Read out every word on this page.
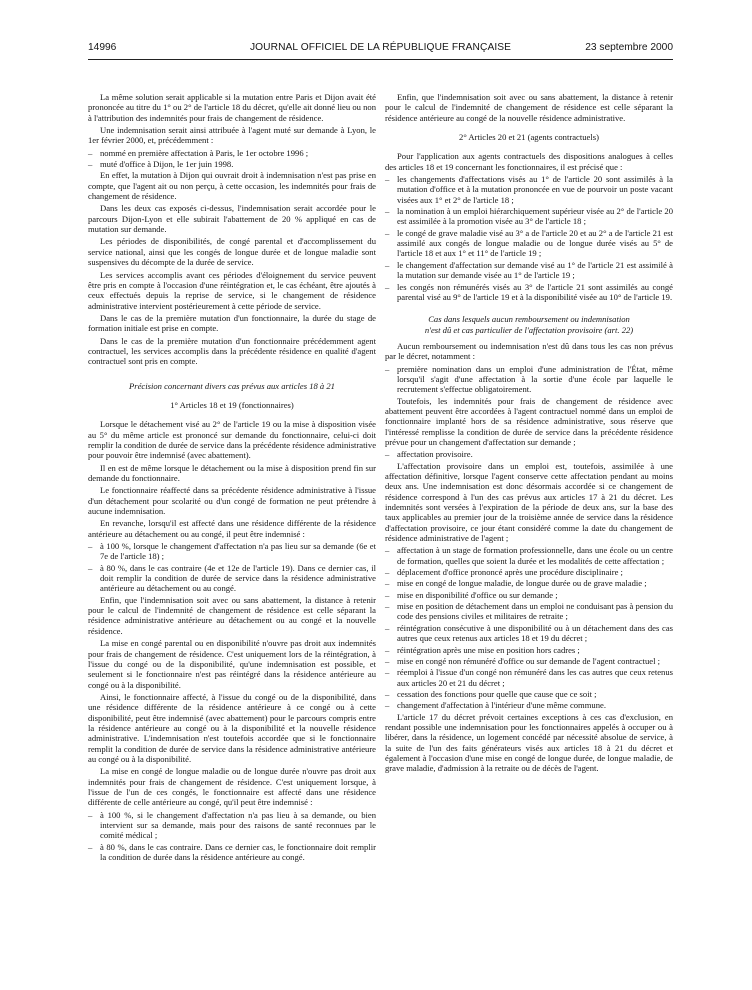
14996	JOURNAL OFFICIEL DE LA RÉPUBLIQUE FRANÇAISE	23 septembre 2000

La même solution serait applicable si la mutation entre Paris et Dijon avait été prononcée au titre du 1° ou 2° de l'article 18 du décret, qu'elle ait donné lieu ou non à l'attribution des indemnités pour frais de changement de résidence.

Une indemnisation serait ainsi attribuée à l'agent muté sur demande à Lyon, le 1er février 2000, et, précédemment :

– nommé en première affectation à Paris, le 1er octobre 1996 ;

– muté d'office à Dijon, le 1er juin 1998.

En effet, la mutation à Dijon qui ouvrait droit à indemnisation n'est pas prise en compte, que l'agent ait ou non perçu, à cette occasion, les indemnités pour frais de changement de résidence.

Dans les deux cas exposés ci-dessus, l'indemnisation serait accordée pour le parcours Dijon-Lyon et elle subirait l'abattement de 20 % appliqué en cas de mutation sur demande.

Les périodes de disponibilités, de congé parental et d'accomplissement du service national, ainsi que les congés de longue durée et de longue maladie sont suspensives du décompte de la durée de service.

Les services accomplis avant ces périodes d'éloignement du service peuvent être pris en compte à l'occasion d'une réintégration et, le cas échéant, être ajoutés à ceux effectués depuis la reprise de service, si le changement de résidence administrative intervient postérieurement à cette période de service.

Dans le cas de la première mutation d'un fonctionnaire, la durée du stage de formation initiale est prise en compte.

Dans le cas de la première mutation d'un fonctionnaire précédemment agent contractuel, les services accomplis dans la précédente résidence en qualité d'agent contractuel sont pris en compte.

Précision concernant divers cas prévus aux articles 18 à 21

1° Articles 18 et 19 (fonctionnaires)

Lorsque le détachement visé au 2° de l'article 19 ou la mise à disposition visée au 5° du même article est prononcé sur demande du fonctionnaire, celui-ci doit remplir la condition de durée de service dans la précédente résidence administrative pour pouvoir être indemnisé (avec abattement).

Il en est de même lorsque le détachement ou la mise à disposition prend fin sur demande du fonctionnaire.

Le fonctionnaire réaffecté dans sa précédente résidence administrative à l'issue d'un détachement pour scolarité ou d'un congé de formation ne peut prétendre à aucune indemnisation.

En revanche, lorsqu'il est affecté dans une résidence différente de la résidence antérieure au détachement ou au congé, il peut être indemnisé :

– à 100 %, lorsque le changement d'affectation n'a pas lieu sur sa demande (6e et 7e de l'article 18) ;

– à 80 %, dans le cas contraire (4e et 12e de l'article 19). Dans ce dernier cas, il doit remplir la condition de durée de service dans la résidence administrative antérieure au détachement ou au congé.

Enfin, que l'indemnisation soit avec ou sans abattement, la distance à retenir pour le calcul de l'indemnité de changement de résidence est celle séparant la résidence administrative antérieure au détachement ou au congé et la nouvelle résidence.

La mise en congé parental ou en disponibilité n'ouvre pas droit aux indemnités pour frais de changement de résidence. C'est uniquement lors de la réintégration, à l'issue du congé ou de la disponibilité, qu'une indemnisation est possible, et seulement si le fonctionnaire n'est pas réintégré dans la résidence antérieure au congé ou à la disponibilité.

Ainsi, le fonctionnaire affecté, à l'issue du congé ou de la disponibilité, dans une résidence différente de la résidence antérieure à ce congé ou à cette disponibilité, peut être indemnisé (avec abattement) pour le parcours compris entre la résidence antérieure au congé ou à la disponibilité et la nouvelle résidence administrative. L'indemnisation n'est toutefois accordée que si le fonctionnaire remplit la condition de durée de service dans la résidence administrative antérieure au congé ou à la disponibilité.

La mise en congé de longue maladie ou de longue durée n'ouvre pas droit aux indemnités pour frais de changement de résidence. C'est uniquement lorsque, à l'issue de l'un de ces congés, le fonctionnaire est affecté dans une résidence différente de celle antérieure au congé, qu'il peut être indemnisé :

– à 100 %, si le changement d'affectation n'a pas lieu à sa demande, ou bien intervient sur sa demande, mais pour des raisons de santé reconnues par le comité médical ;

– à 80 %, dans le cas contraire. Dans ce dernier cas, le fonctionnaire doit remplir la condition de durée dans la résidence antérieure au congé.

Enfin, que l'indemnisation soit avec ou sans abattement, la distance à retenir pour le calcul de l'indemnité de changement de résidence est celle séparant la résidence antérieure au congé de la nouvelle résidence administrative.

2° Articles 20 et 21 (agents contractuels)

Pour l'application aux agents contractuels des dispositions analogues à celles des articles 18 et 19 concernant les fonctionnaires, il est précisé que :

– les changements d'affectations visés au 1° de l'article 20 sont assimilés à la mutation d'office et à la mutation prononcée en vue de pourvoir un poste vacant visées aux 1° et 2° de l'article 18 ;

– la nomination à un emploi hiérarchiquement supérieur visée au 2° de l'article 20 est assimilée à la promotion visée au 3° de l'article 18 ;

– le congé de grave maladie visé au 3° a de l'article 20 et au 2° a de l'article 21 est assimilé aux congés de longue maladie ou de longue durée visés au 5° de l'article 18 et aux 1° et 11° de l'article 19 ;

– le changement d'affectation sur demande visé au 1° de l'article 21 est assimilé à la mutation sur demande visée au 1° de l'article 19 ;

– les congés non rémunérés visés au 3° de l'article 21 sont assimilés au congé parental visé au 9° de l'article 19 et à la disponibilité visée au 10° de l'article 19.

Cas dans lesquels aucun remboursement ou indemnisation
n'est dû et cas particulier de l'affectation provisoire (art. 22)

Aucun remboursement ou indemnisation n'est dû dans tous les cas non prévus par le décret, notamment :

– première nomination dans un emploi d'une administration de l'État, même lorsqu'il s'agit d'une affectation à la sortie d'une école par laquelle le recrutement s'effectue obligatoirement.

Toutefois, les indemnités pour frais de changement de résidence avec abattement peuvent être accordées à l'agent contractuel nommé dans un emploi de fonctionnaire implanté hors de sa résidence administrative, sous réserve que l'intéressé remplisse la condition de durée de service dans la précédente résidence prévue pour un changement d'affectation sur demande ;

– affectation provisoire.

L'affectation provisoire dans un emploi est, toutefois, assimilée à une affectation définitive, lorsque l'agent conserve cette affectation pendant au moins deux ans. Une indemnisation est donc désormais accordée si ce changement de résidence correspond à l'un des cas prévus aux articles 17 à 21 du décret. Les indemnités sont versées à l'expiration de la période de deux ans, sur la base des taux applicables au premier jour de la troisième année de service dans la résidence d'affectation provisoire, ce jour étant considéré comme la date du changement de résidence administrative de l'agent ;

– affectation à un stage de formation professionnelle, dans une école ou un centre de formation, quelles que soient la durée et les modalités de cette affectation ;

– déplacement d'office prononcé après une procédure disciplinaire ;

– mise en congé de longue maladie, de longue durée ou de grave maladie ;

– mise en disponibilité d'office ou sur demande ;

– mise en position de détachement dans un emploi ne conduisant pas à pension du code des pensions civiles et militaires de retraite ;

– réintégration consécutive à une disponibilité ou à un détachement dans des cas autres que ceux retenus aux articles 18 et 19 du décret ;

– réintégration après une mise en position hors cadres ;

– mise en congé non rémunéré d'office ou sur demande de l'agent contractuel ;

– réemploi à l'issue d'un congé non rémunéré dans les cas autres que ceux retenus aux articles 20 et 21 du décret ;

– cessation des fonctions pour quelle que cause que ce soit ;

– changement d'affectation à l'intérieur d'une même commune.

L'article 17 du décret prévoit certaines exceptions à ces cas d'exclusion, en rendant possible une indemnisation pour les fonctionnaires appelés à occuper ou à libérer, dans la résidence, un logement concédé par nécessité absolue de service, à la suite de l'un des faits générateurs visés aux articles 18 à 21 du décret et également à l'occasion d'une mise en congé de longue durée, de longue maladie, de grave maladie, d'admission à la retraite ou de décès de l'agent.
